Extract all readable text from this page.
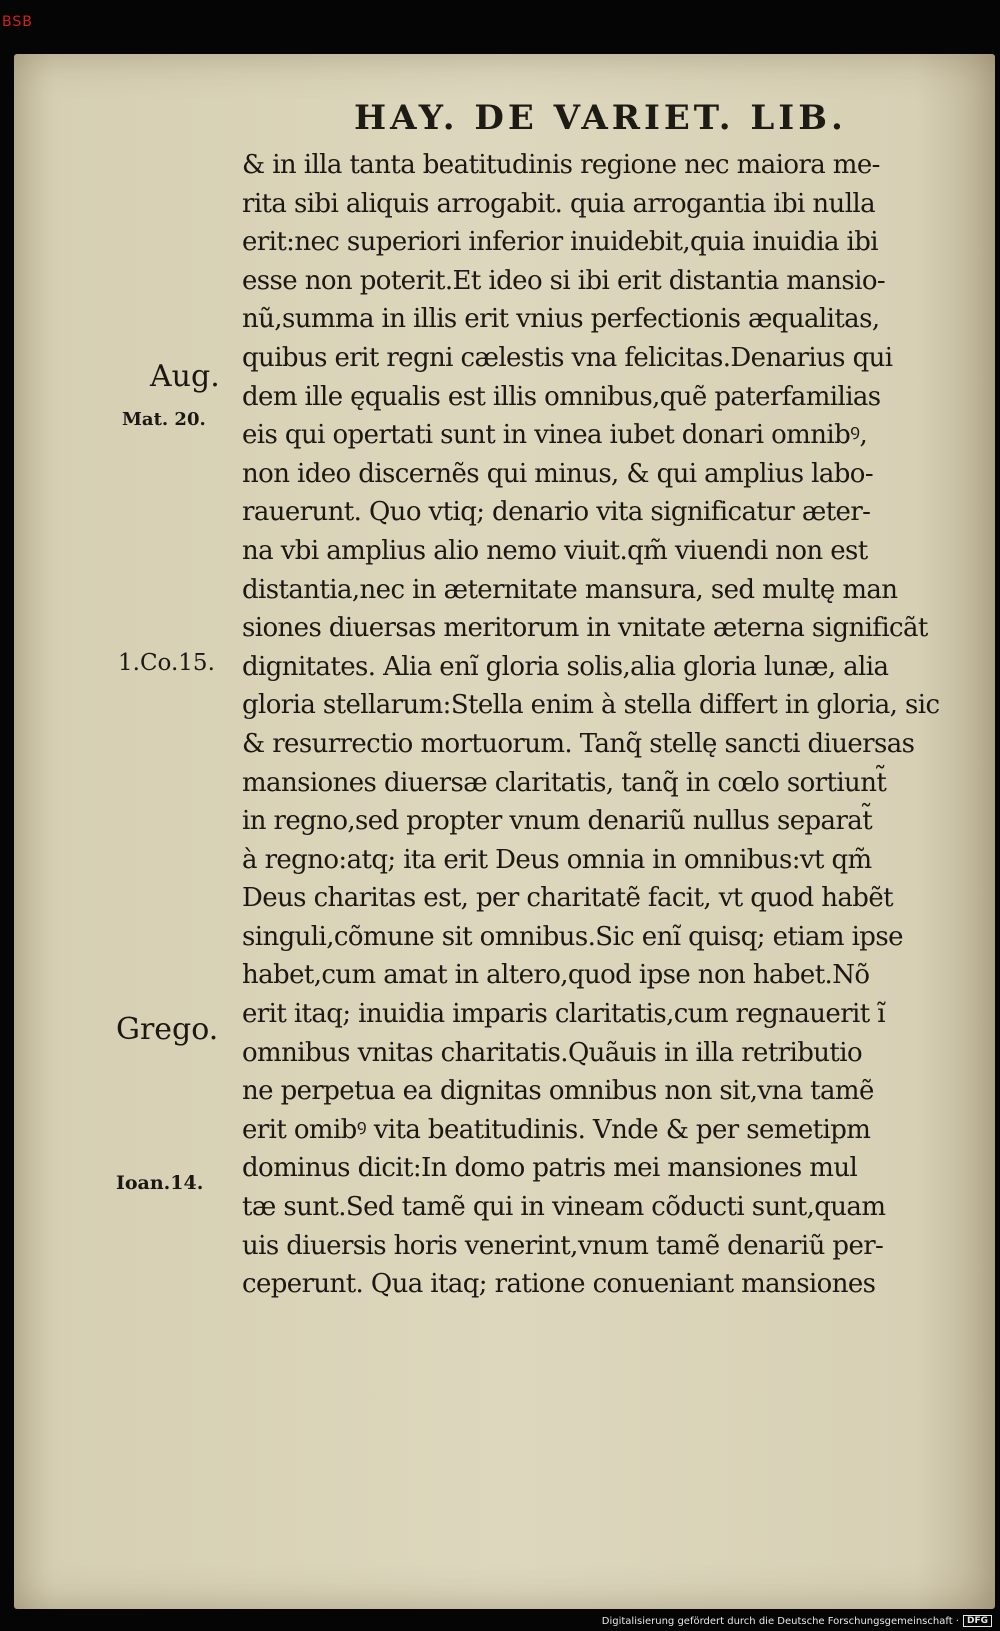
BSB
HAY. DE VARIET. LIB.
Aug.
Mat. 20.
1.Co.15.
Grego.
Ioan.14.
& in illa tanta beatitudinis regione nec maiora me-
rita sibi aliquis arrogabit. quia arrogantia ibi nulla
erit:nec superiori inferior inuidebit,quia inuidia ibi
esse non poterit.Et ideo si ibi erit distantia mansio-
nũ,summa in illis erit vnius perfectionis æqualitas,
quibus erit regni cælestis vna felicitas.Denarius qui
dem ille ęqualis est illis omnibus,quẽ paterfamilias
eis qui opertati sunt in vinea iubet donari omnibꝰ,
non ideo discernẽs qui minus, & qui amplius labo-
rauerunt. Quo vtiq; denario vita significatur æter-
na vbi amplius alio nemo viuit.qm̃ viuendi non est
distantia,nec in æternitate mansura, sed multę man
siones diuersas meritorum in vnitate æterna significãt
dignitates. Alia enĩ gloria solis,alia gloria lunæ, alia
gloria stellarum:Stella enim à stella differt in gloria, sic
& resurrectio mortuorum. Tanq̃ stellę sancti diuersas
mansiones diuersæ claritatis, tanq̃ in cœlo sortiunt̃
in regno,sed propter vnum denariũ nullus separat̃
à regno:atq; ita erit Deus omnia in omnibus:vt qm̃
Deus charitas est, per charitatẽ facit, vt quod habẽt
singuli,cõmune sit omnibus.Sic enĩ quisq; etiam ipse
habet,cum amat in altero,quod ipse non habet.Nõ
erit itaq; inuidia imparis claritatis,cum regnauerit ĩ
omnibus vnitas charitatis.Quãuis in illa retributio
ne perpetua ea dignitas omnibus non sit,vna tamẽ
erit omibꝰ vita beatitudinis. Vnde & per semetipm
dominus dicit:In domo patris mei mansiones mul
tæ sunt.Sed tamẽ qui in vineam cõducti sunt,quam
uis diuersis horis venerint,vnum tamẽ denariũ per-
ceperunt. Qua itaq; ratione conueniant mansiones
Digitalisierung gefördert durch die Deutsche Forschungsgemeinschaft · DFG
